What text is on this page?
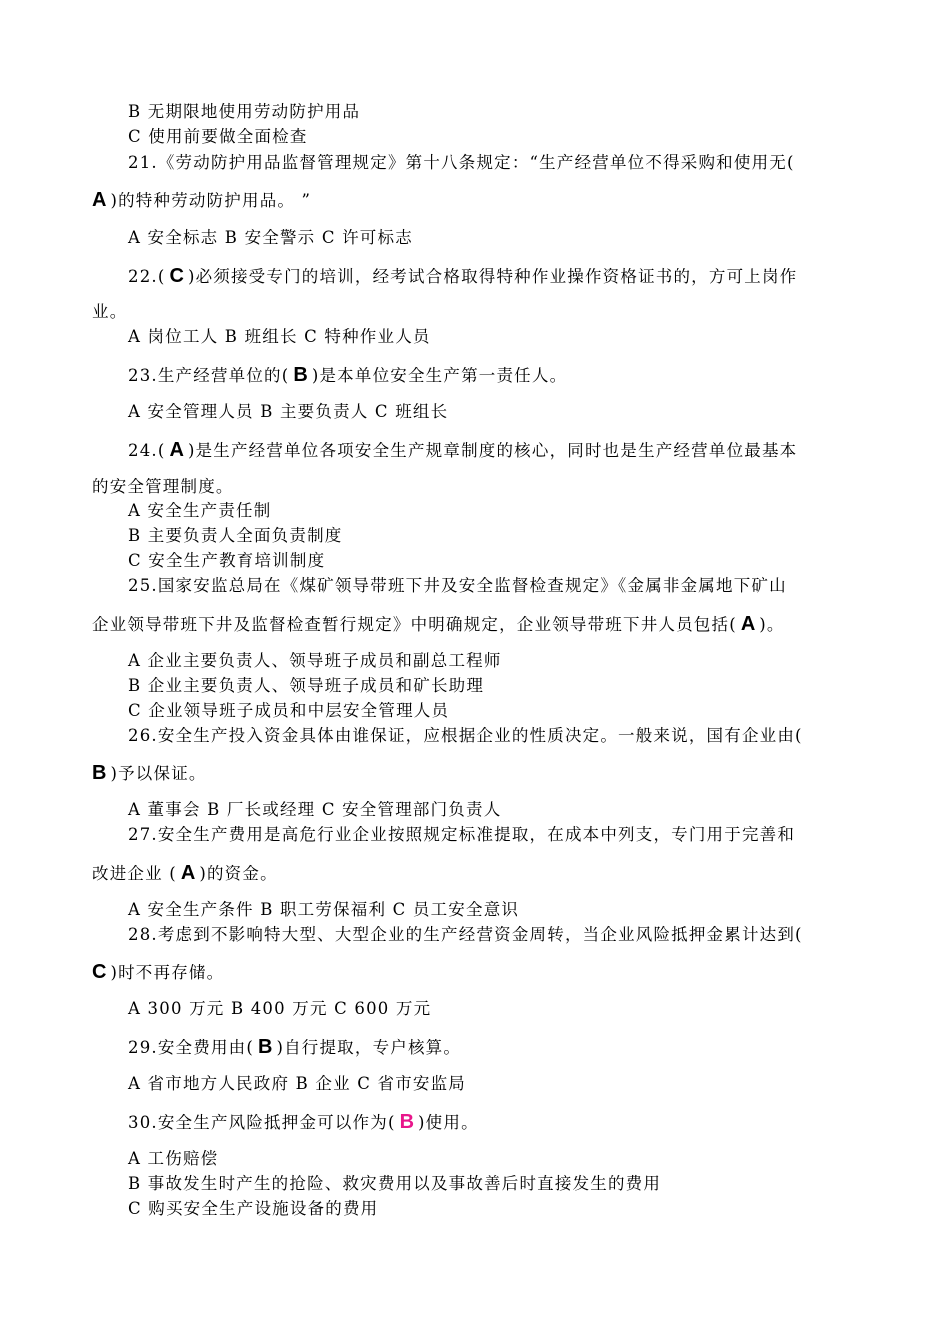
B 无期限地使用劳动防护用品
C 使用前要做全面检查
21.《劳动防护用品监督管理规定》第十八条规定：“生产经营单位不得采购和使用无(
A )的特种劳动防护用品。 ”
A 安全标志 B 安全警示 C 许可标志
22.( C )必须接受专门的培训，经考试合格取得特种作业操作资格证书的，方可上岗作
业。
A 岗位工人 B 班组长 C 特种作业人员
23.生产经营单位的( B )是本单位安全生产第一责任人。
A 安全管理人员 B 主要负责人 C 班组长
24.( A )是生产经营单位各项安全生产规章制度的核心，同时也是生产经营单位最基本
的安全管理制度。
A 安全生产责任制
B 主要负责人全面负责制度
C 安全生产教育培训制度
25.国家安监总局在《煤矿领导带班下井及安全监督检查规定》《金属非金属地下矿山
企业领导带班下井及监督检查暂行规定》中明确规定，企业领导带班下井人员包括( A )。
A 企业主要负责人、领导班子成员和副总工程师
B 企业主要负责人、领导班子成员和矿长助理
C 企业领导班子成员和中层安全管理人员
26.安全生产投入资金具体由谁保证，应根据企业的性质决定。一般来说，国有企业由(
B )予以保证。
A 董事会 B 厂长或经理 C 安全管理部门负责人
27.安全生产费用是高危行业企业按照规定标准提取，在成本中列支，专门用于完善和
改进企业 ( A )的资金。
A 安全生产条件 B 职工劳保福利 C 员工安全意识
28.考虑到不影响特大型、大型企业的生产经营资金周转，当企业风险抵押金累计达到(
C )时不再存储。
A 300 万元 B 400 万元 C 600 万元
29.安全费用由( B )自行提取，专户核算。
A 省市地方人民政府 B 企业 C 省市安监局
30.安全生产风险抵押金可以作为( B )使用。
A 工伤赔偿
B 事故发生时产生的抢险、救灾费用以及事故善后时直接发生的费用
C 购买安全生产设施设备的费用
